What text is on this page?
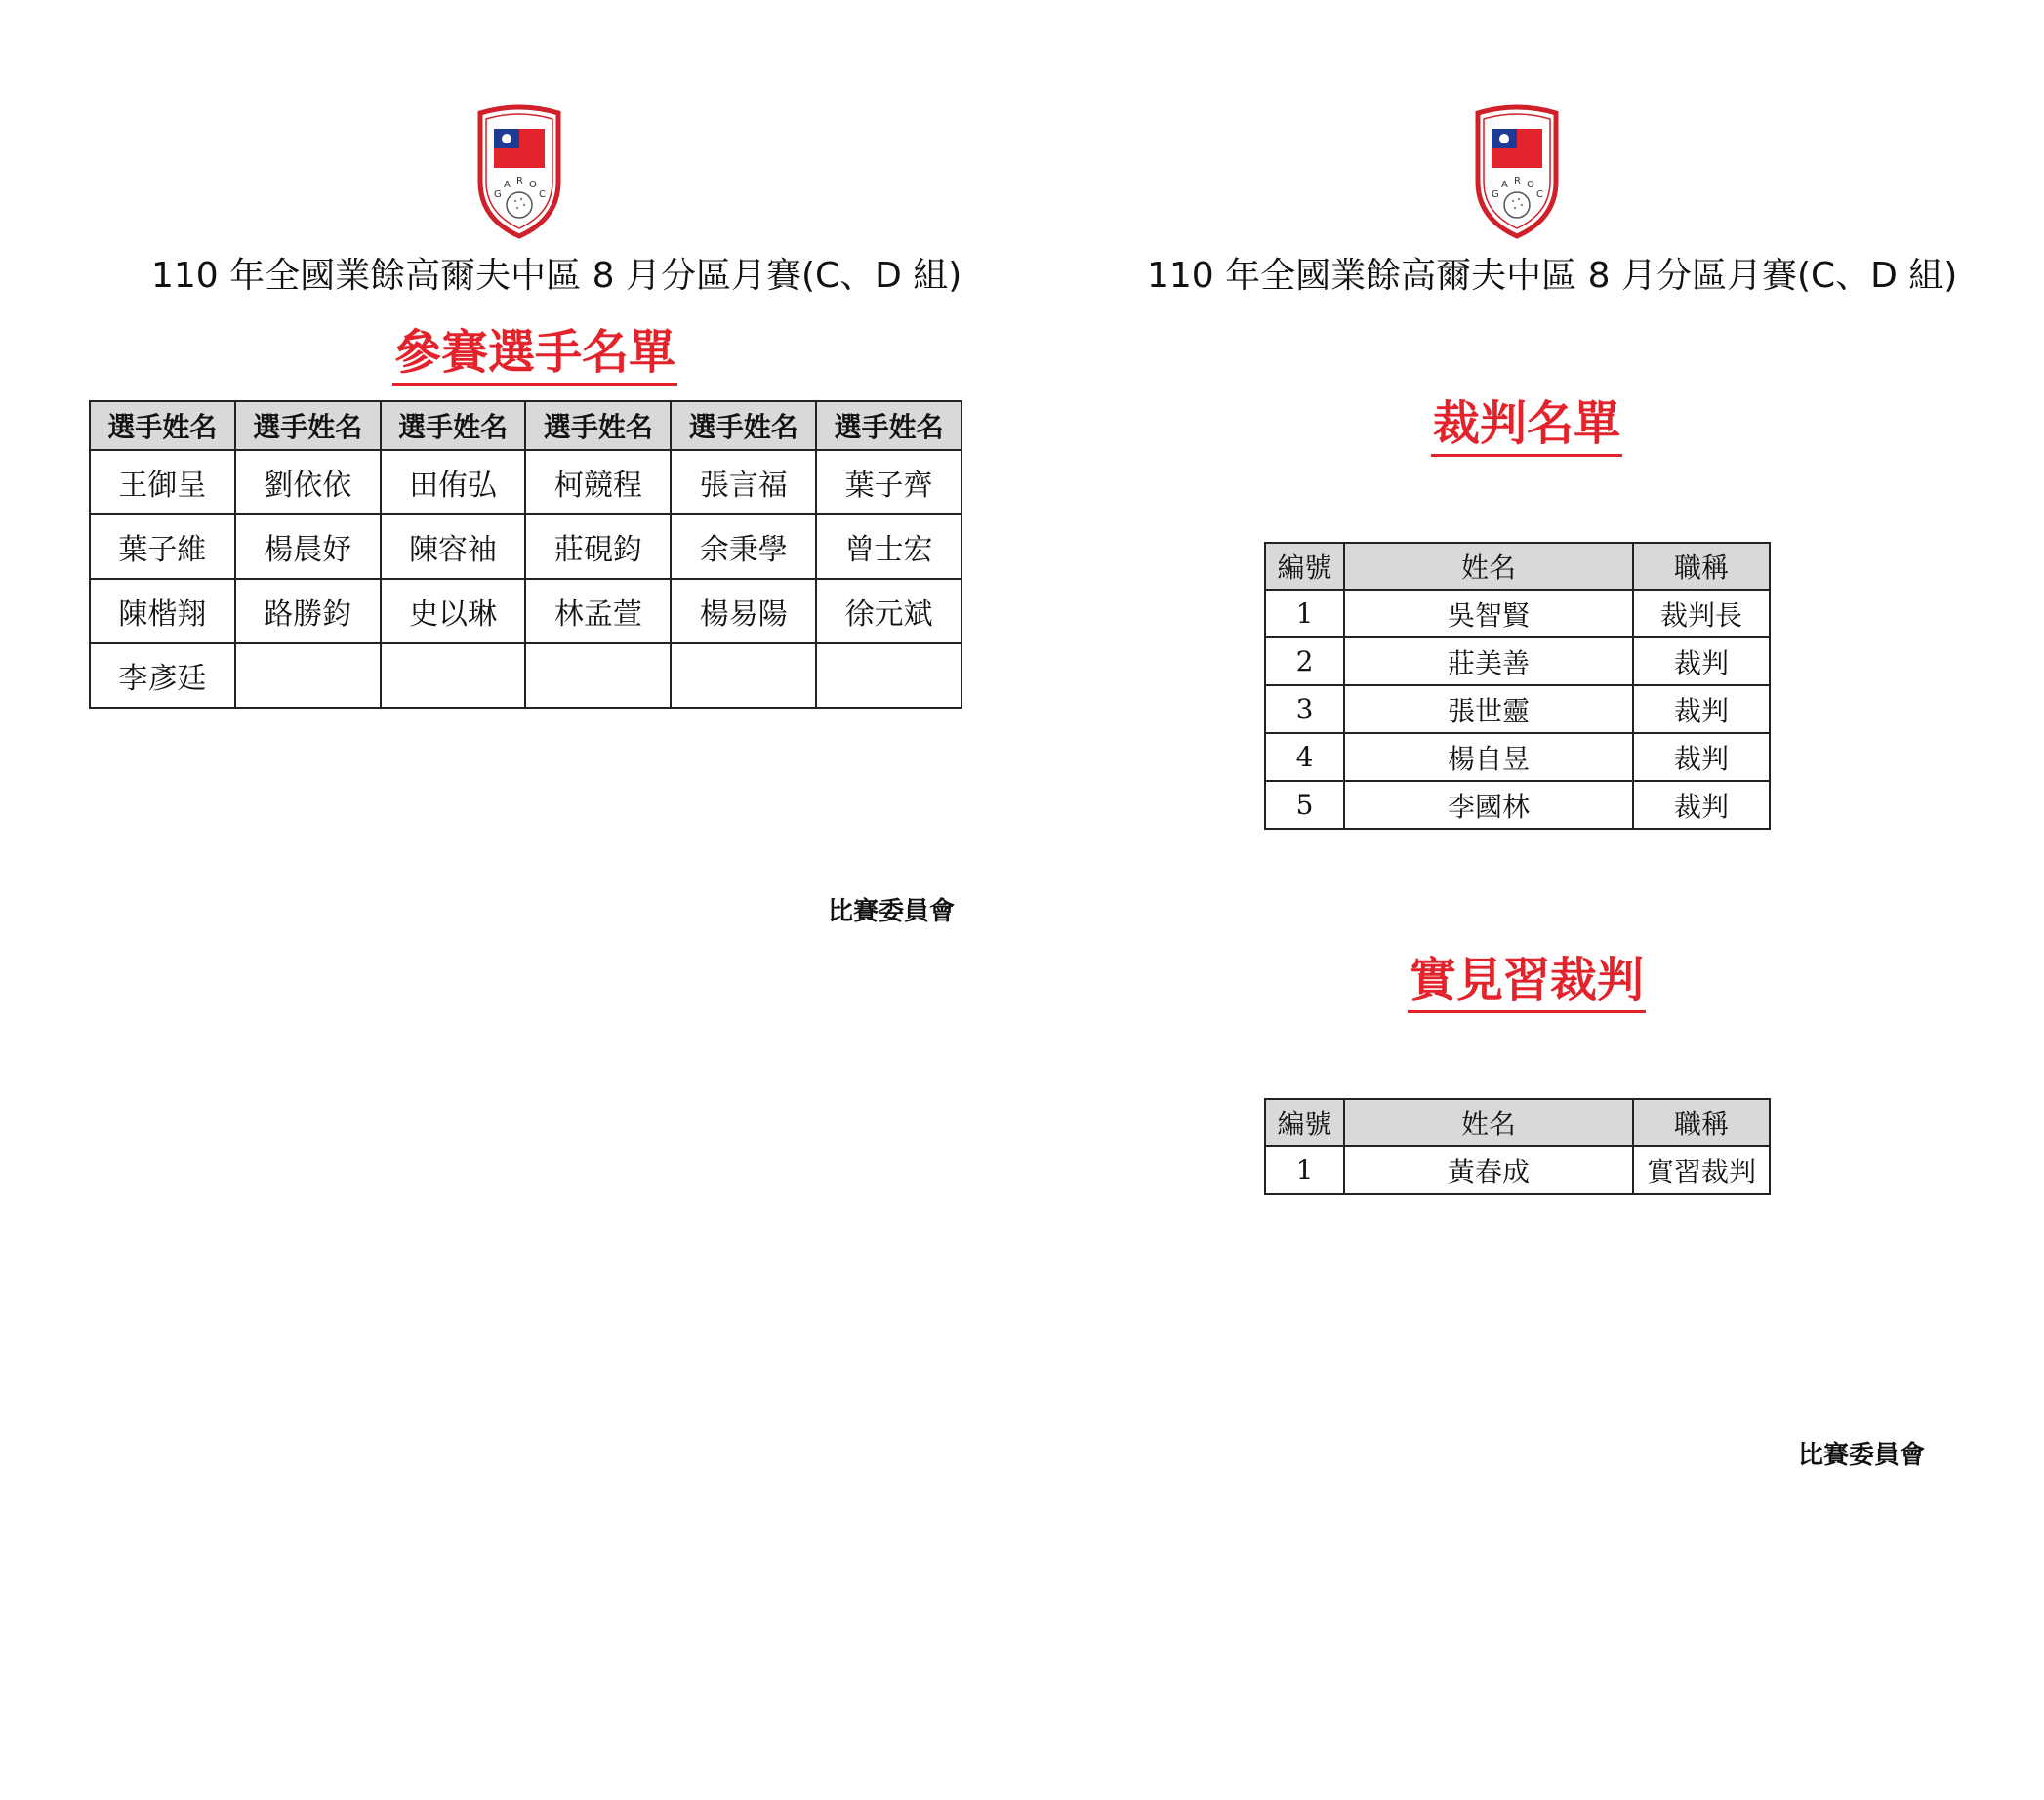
G
A R O
C
110 年全國業餘高爾夫中區 8 月分區月賽(C、D 組)
參賽選手名單
選手姓名	選手姓名	選手姓名	選手姓名	選手姓名	選手姓名
王御呈	劉依依	田侑弘	柯競程	張言福	葉子齊
葉子維	楊晨妤	陳容袖	莊硯鈞	余秉學	曾士宏
陳楷翔	路勝鈞	史以琳	林孟萱	楊易陽	徐元斌
李彥廷					
比賽委員會
G
A R O
C
110 年全國業餘高爾夫中區 8 月分區月賽(C、D 組)
裁判名單
編號	姓名	職稱
1	吳智賢	裁判長
2	莊美善	裁判
3	張世靈	裁判
4	楊自昱	裁判
5	李國林	裁判
實見習裁判
編號	姓名	職稱
1	黃春成	實習裁判
比賽委員會
